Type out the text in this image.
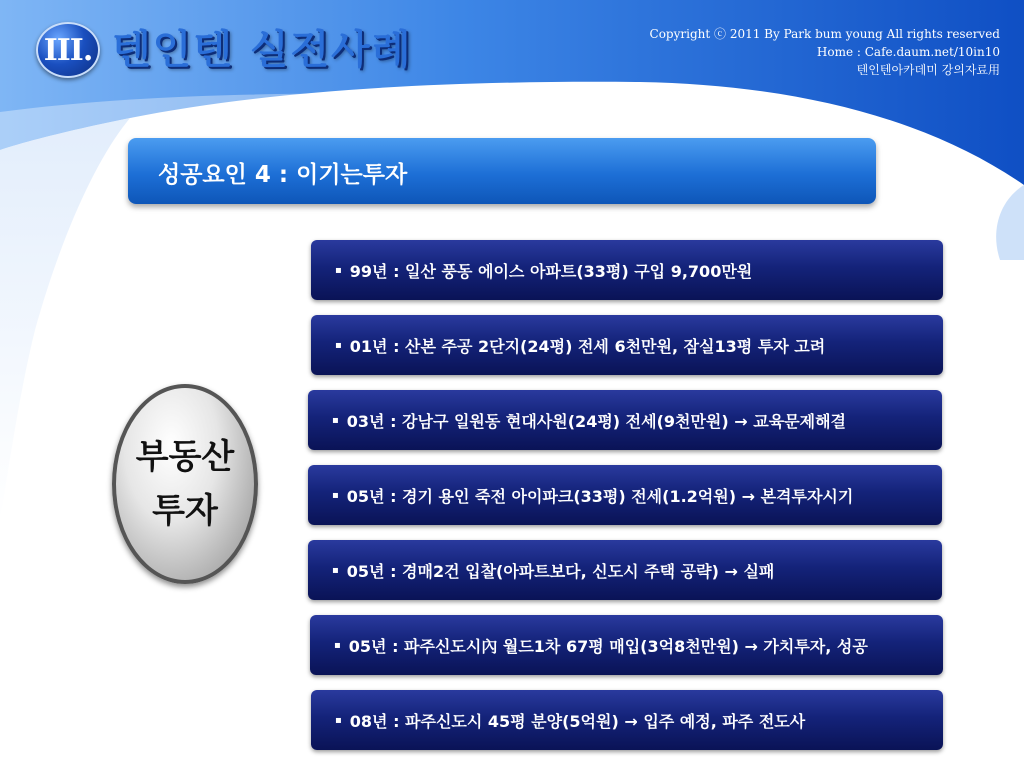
III. 텐인텐 실전사례	Copyright ⓒ 2011 By Park bum young All rights reserved
Home : Cafe.daum.net/10in10
텐인텐아카데미 강의자료用
성공요인 4 : 이기는투자
부동산
투자
▪ 99년 : 일산 풍동 에이스 아파트(33평) 구입 9,700만원
▪ 01년 : 산본 주공 2단지(24평) 전세 6천만원, 잠실13평 투자 고려
▪ 03년 : 강남구 일원동 현대사원(24평) 전세(9천만원) → 교육문제해결
▪ 05년 : 경기 용인 죽전 아이파크(33평) 전세(1.2억원) → 본격투자시기
▪ 05년 : 경매2건 입찰(아파트보다, 신도시 주택 공략) → 실패
▪ 05년 : 파주신도시內 월드1차 67평 매입(3억8천만원) → 가치투자, 성공
▪ 08년 : 파주신도시 45평 분양(5억원) → 입주 예정, 파주 전도사
